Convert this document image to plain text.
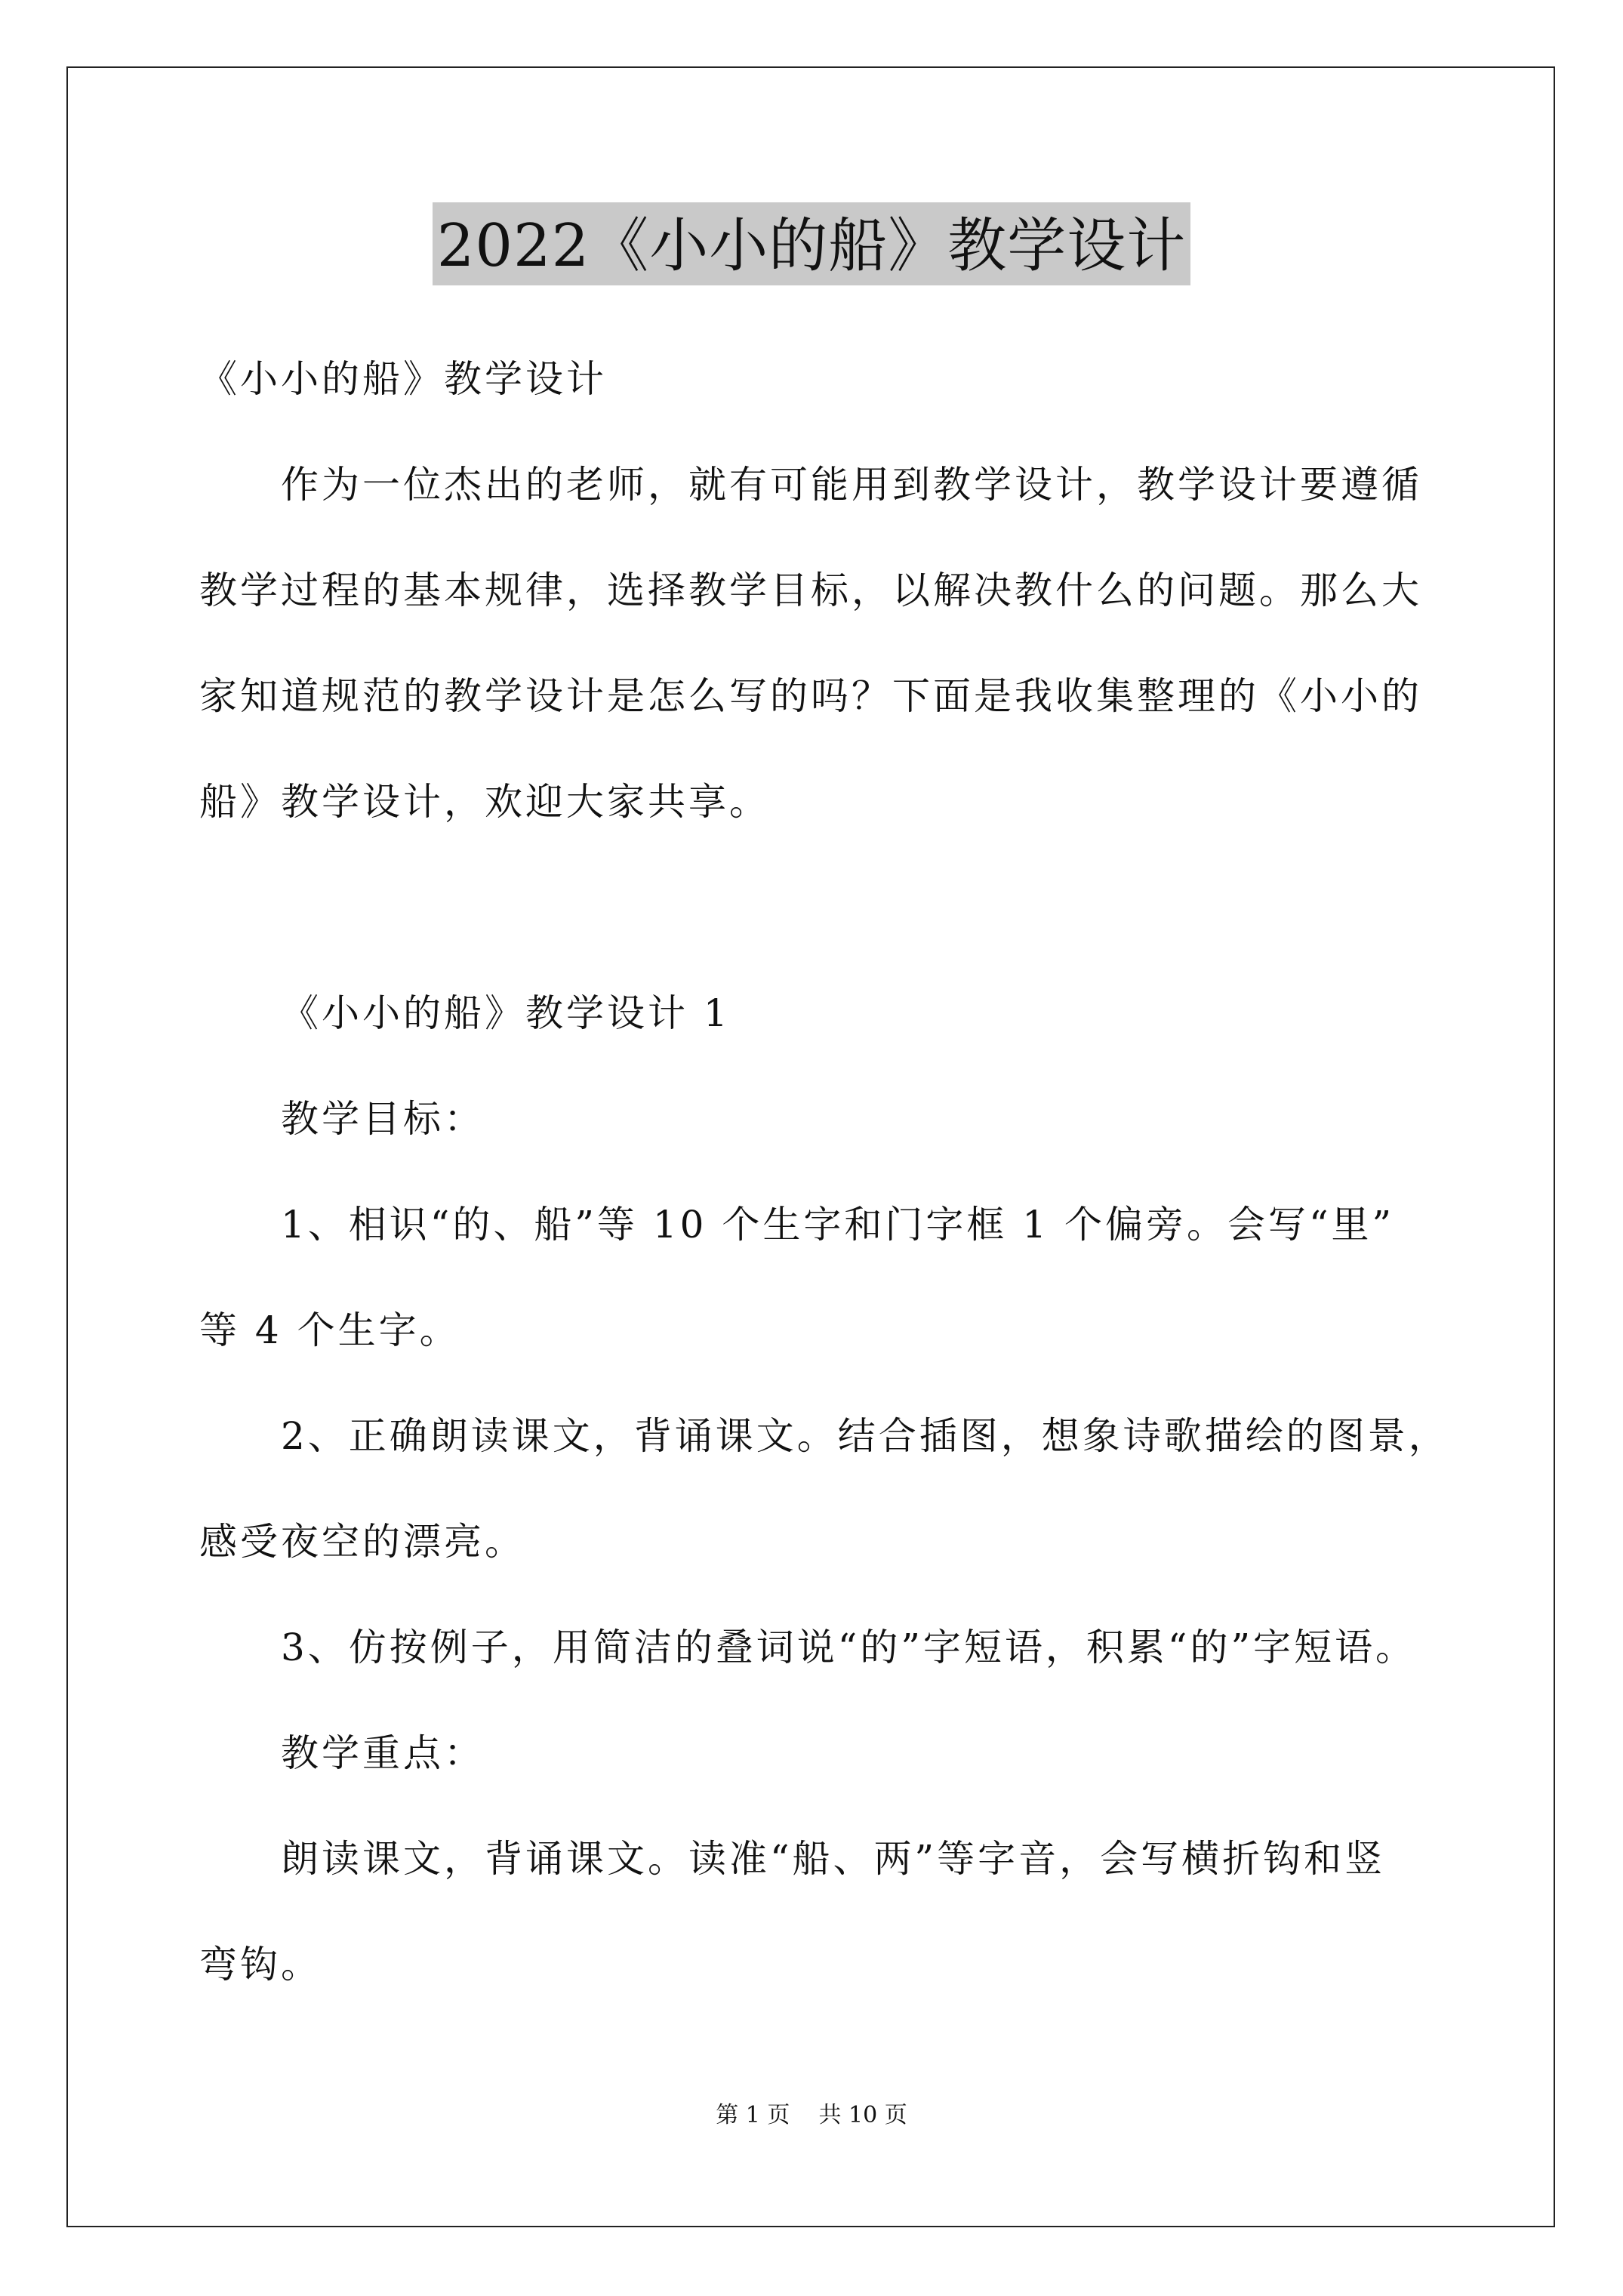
2022《小小的船》教学设计
《小小的船》教学设计
作为一位杰出的老师，就有可能用到教学设计，教学设计要遵循
教学过程的基本规律，选择教学目标，以解决教什么的问题。那么大
家知道规范的教学设计是怎么写的吗？下面是我收集整理的《小小的
船》教学设计，欢迎大家共享。
《小小的船》教学设计 1
教学目标：
1、相识“的、船”等 10 个生字和门字框 1 个偏旁。会写“里”
等 4 个生字。
2、正确朗读课文，背诵课文。结合插图，想象诗歌描绘的图景，
感受夜空的漂亮。
3、仿按例子，用简洁的叠词说“的”字短语，积累“的”字短语。
教学重点：
朗读课文，背诵课文。读准“船、两”等字音，会写横折钩和竖
弯钩。
第 1 页    共 10 页
